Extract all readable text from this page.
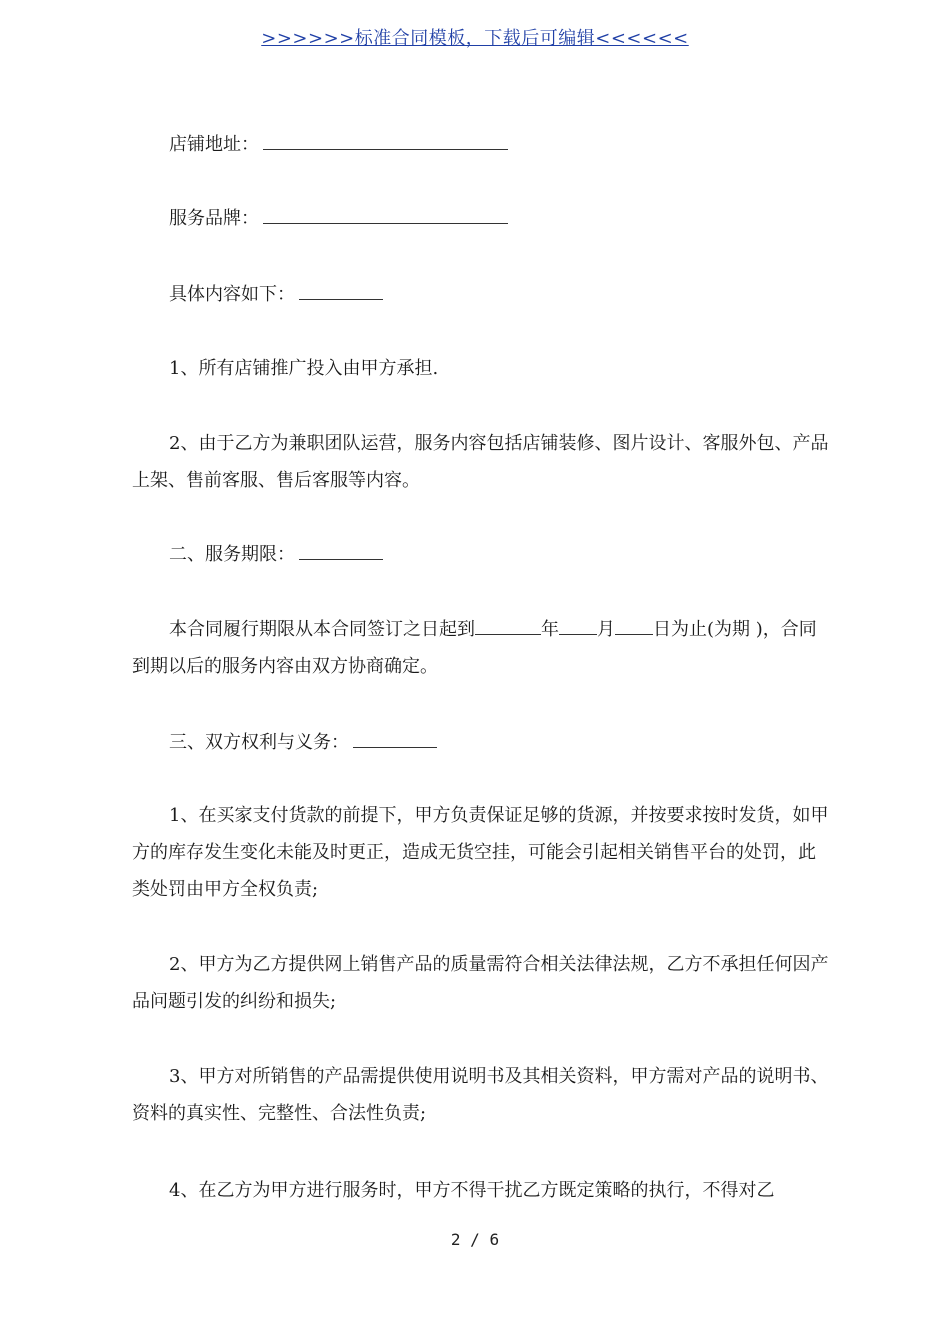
>>>>>>标准合同模板，下载后可编辑<<<<<<

店铺地址：

服务品牌：

具体内容如下：

1、所有店铺推广投入由甲方承担.

2、由于乙方为兼职团队运营，服务内容包括店铺装修、图片设计、客服外包、产品上架、售前客服、售后客服等内容。

二、服务期限：

本合同履行期限从本合同签订之日起到	年 月 日为止(为期 )，合同到期以后的服务内容由双方协商确定。

三、双方权利与义务：

1、在买家支付货款的前提下，甲方负责保证足够的货源，并按要求按时发货，如甲方的库存发生变化未能及时更正，造成无货空挂，可能会引起相关销售平台的处罚，此类处罚由甲方全权负责;

2、甲方为乙方提供网上销售产品的质量需符合相关法律法规，乙方不承担任何因产品问题引发的纠纷和损失;

3、甲方对所销售的产品需提供使用说明书及其相关资料，甲方需对产品的说明书、资料的真实性、完整性、合法性负责;

4、在乙方为甲方进行服务时，甲方不得干扰乙方既定策略的执行，不得对乙

2 / 6
